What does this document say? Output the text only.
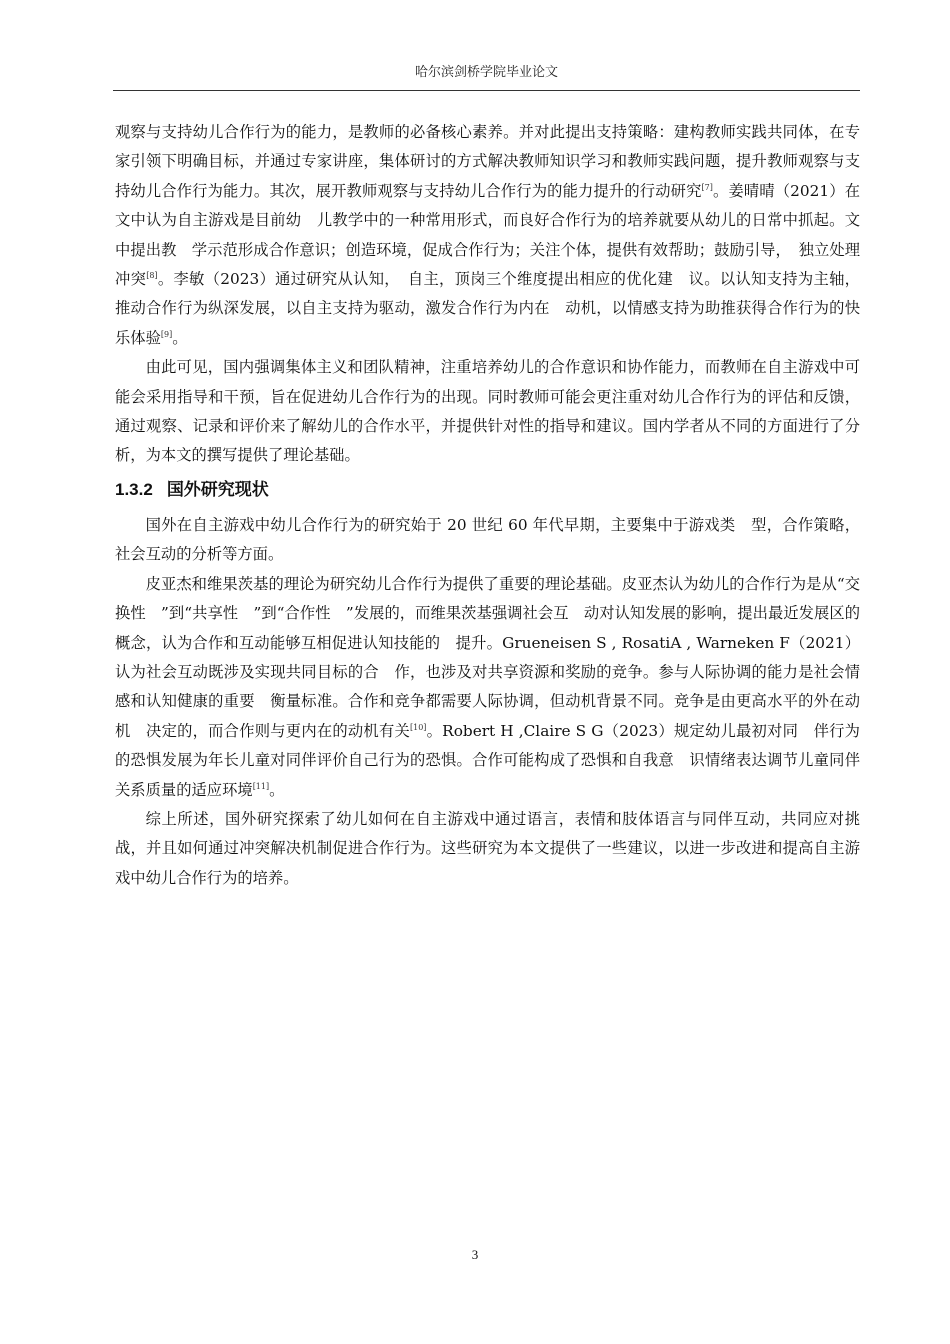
哈尔滨剑桥学院毕业论文

观察与支持幼儿合作行为的能力，是教师的必备核心素养。并对此提出支持策略：建构教师实践共同体，在专家引领下明确目标，并通过专家讲座，集体研讨的方式解决教师知识学习和教师实践问题，提升教师观察与支持幼儿合作行为能力。其次，展开教师观察与支持幼儿合作行为的能力提升的行动研究[7]。姜晴晴（2021）在文中认为自主游戏是目前幼　儿教学中的一种常用形式，而良好合作行为的培养就要从幼儿的日常中抓起。文中提出教　学示范形成合作意识；创造环境，促成合作行为；关注个体，提供有效帮助；鼓励引导，　独立处理冲突[8]。李敏（2023）通过研究从认知，　自主，顶岗三个维度提出相应的优化建　议。以认知支持为主轴，推动合作行为纵深发展，以自主支持为驱动，激发合作行为内在　动机，以情感支持为助推获得合作行为的快乐体验[9]。

由此可见，国内强调集体主义和团队精神，注重培养幼儿的合作意识和协作能力，而教师在自主游戏中可能会采用指导和干预，旨在促进幼儿合作行为的出现。同时教师可能会更注重对幼儿合作行为的评估和反馈，通过观察、记录和评价来了解幼儿的合作水平，并提供针对性的指导和建议。国内学者从不同的方面进行了分析，为本文的撰写提供了理论基础。

1.3.2 国外研究现状

国外在自主游戏中幼儿合作行为的研究始于 20 世纪 60 年代早期，主要集中于游戏类　型，合作策略，社会互动的分析等方面。

皮亚杰和维果茨基的理论为研究幼儿合作行为提供了重要的理论基础。皮亚杰认为幼儿的合作行为是从“交换性　”到“共享性　”到“合作性　”发展的，而维果茨基强调社会互　动对认知发展的影响，提出最近发展区的概念，认为合作和互动能够互相促进认知技能的　提升。Grueneisen S , RosatiA , Warneken F（2021）认为社会互动既涉及实现共同目标的合　作，也涉及对共享资源和奖励的竞争。参与人际协调的能力是社会情感和认知健康的重要　衡量标准。合作和竞争都需要人际协调，但动机背景不同。竞争是由更高水平的外在动机　决定的，而合作则与更内在的动机有关[10]。Robert H ,Claire S G（2023）规定幼儿最初对同　伴行为的恐惧发展为年长儿童对同伴评价自己行为的恐惧。合作可能构成了恐惧和自我意　识情绪表达调节儿童同伴关系质量的适应环境[11]。

综上所述，国外研究探索了幼儿如何在自主游戏中通过语言，表情和肢体语言与同伴互动，共同应对挑战，并且如何通过冲突解决机制促进合作行为。这些研究为本文提供了一些建议，以进一步改进和提高自主游戏中幼儿合作行为的培养。

3
